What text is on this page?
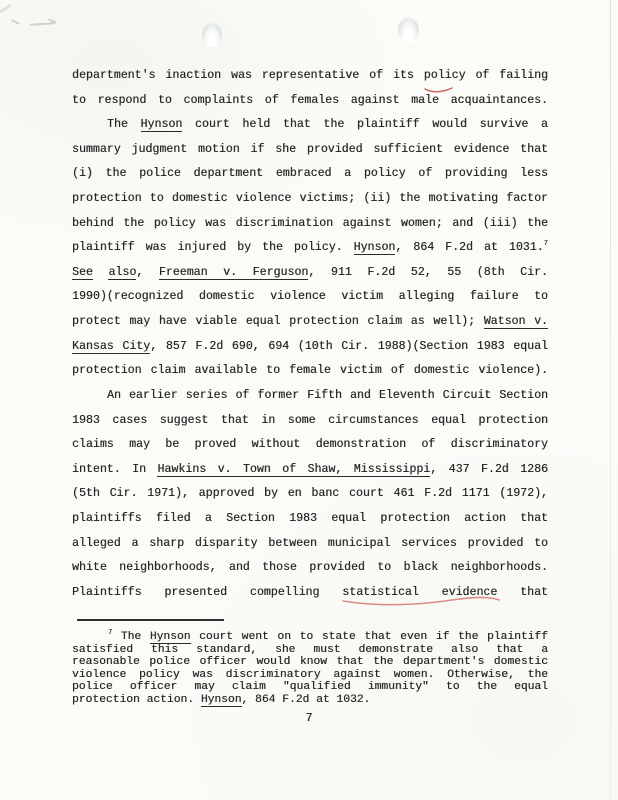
department's inaction was representative of its policy of failing
to respond to complaints of females against male acquaintances.
The Hynson court held that the plaintiff would survive a
summary judgment motion if she provided sufficient evidence that
(i) the police department embraced a policy of providing less
protection to domestic violence victims; (ii) the motivating factor
behind the policy was discrimination against women; and (iii) the
plaintiff was injured by the policy. Hynson, 864 F.2d at 1031.$^7$
See also, Freeman v. Ferguson, 911 F.2d 52, 55 (8th Cir.
1990)(recognized domestic violence victim alleging failure to
protect may have viable equal protection claim as well); Watson v.
Kansas City, 857 F.2d 690, 694 (10th Cir. 1988)(Section 1983 equal
protection claim available to female victim of domestic violence).
An earlier series of former Fifth and Eleventh Circuit Section
1983 cases suggest that in some circumstances equal protection
claims may be proved without demonstration of discriminatory
intent. In Hawkins v. Town of Shaw, Mississippi, 437 F.2d 1286
(5th Cir. 1971), approved by en banc court 461 F.2d 1171 (1972),
plaintiffs filed a Section 1983 equal protection action that
alleged a sharp disparity between municipal services provided to
white neighborhoods, and those provided to black neighborhoods.
Plaintiffs presented compelling statistical evidence that
$^7$ The Hynson court went on to state that even if the plaintiff
satisfied this standard, she must demonstrate also that a
reasonable police officer would know that the department's domestic
violence policy was discriminatory against women. Otherwise, the
police officer may claim "qualified immunity" to the equal
protection action. Hynson, 864 F.2d at 1032.
7
